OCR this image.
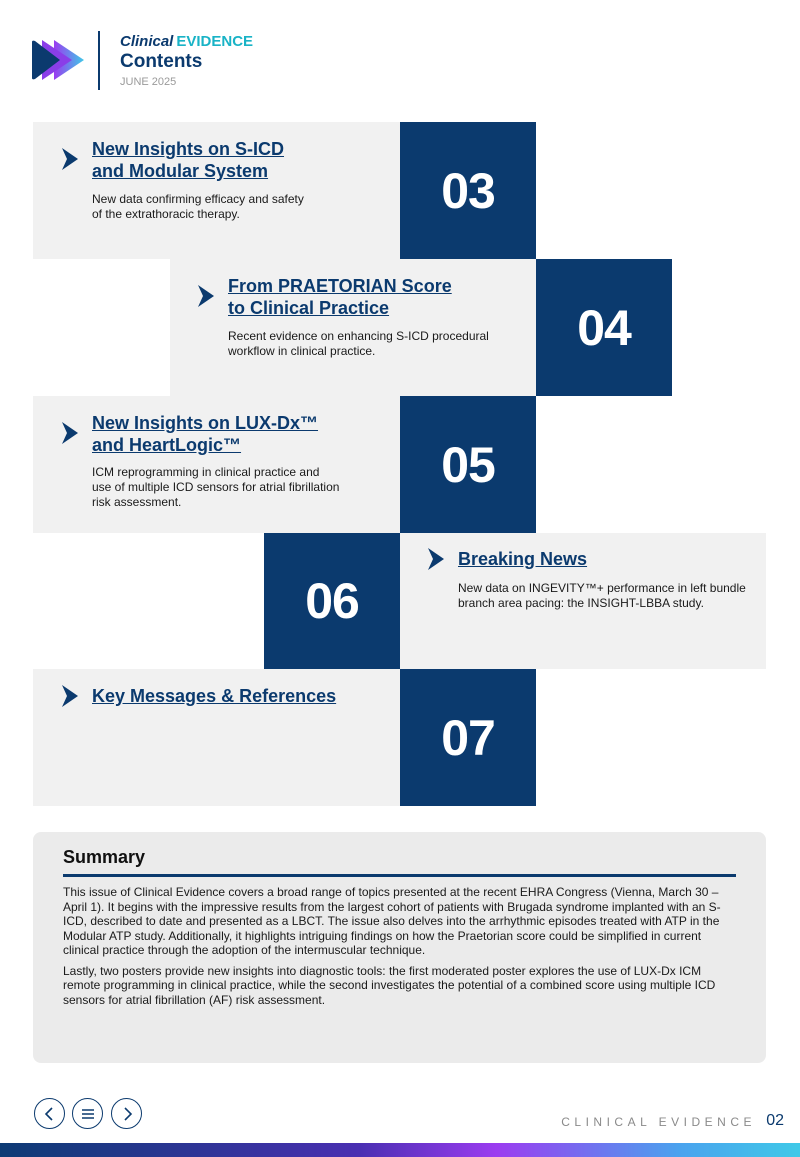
Clinical EVIDENCE
Contents
JUNE 2025
03
New Insights on S-ICD
and Modular System
New data confirming efficacy and safety
of the extrathoracic therapy.
04
From PRAETORIAN Score
to Clinical Practice
Recent evidence on enhancing S-ICD procedural
workflow in clinical practice.
05
New Insights on LUX-Dx™
and HeartLogic™
ICM reprogramming in clinical practice and
use of multiple ICD sensors for atrial fibrillation
risk assessment.
06
Breaking News
New data on INGEVITY™+ performance in left bundle
branch area pacing: the INSIGHT-LBBA study.
07
Key Messages & References
Summary

This issue of Clinical Evidence covers a broad range of topics presented at the recent EHRA Congress (Vienna, March 30 – April 1). It begins with the impressive results from the largest cohort of patients with Brugada syndrome implanted with an S-ICD, described to date and presented as a LBCT. The issue also delves into the arrhythmic episodes treated with ATP in the Modular ATP study. Additionally, it highlights intriguing findings on how the Praetorian score could be simplified in current clinical practice through the adoption of the intermuscular technique.

Lastly, two posters provide new insights into diagnostic tools: the first moderated poster explores the use of LUX-Dx ICM remote programming in clinical practice, while the second investigates the potential of a combined score using multiple ICD sensors for atrial fibrillation (AF) risk assessment.

CLINICAL EVIDENCE 02
